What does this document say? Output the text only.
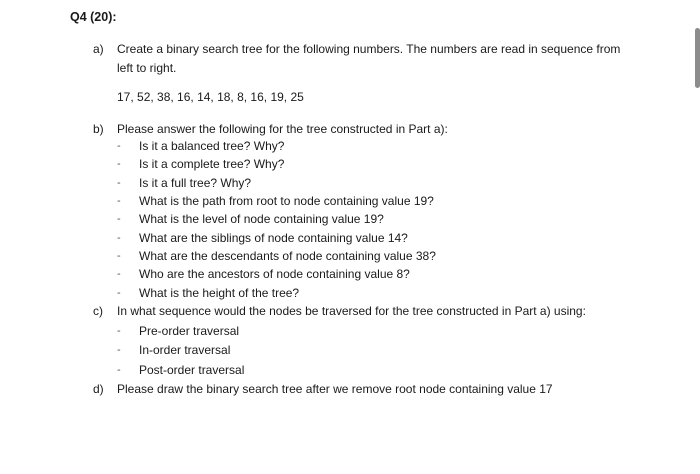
Q4 (20):
a) Create a binary search tree for the following numbers. The numbers are read in sequence from
left to right.
17, 52, 38, 16, 14, 18, 8, 16, 19, 25
b) Please answer the following for the tree constructed in Part a):
- Is it a balanced tree? Why?
- Is it a complete tree? Why?
- Is it a full tree? Why?
- What is the path from root to node containing value 19?
- What is the level of node containing value 19?
- What are the siblings of node containing value 14?
- What are the descendants of node containing value 38?
- Who are the ancestors of node containing value 8?
- What is the height of the tree?
c) In what sequence would the nodes be traversed for the tree constructed in Part a) using:
- Pre-order traversal
- In-order traversal
- Post-order traversal
d) Please draw the binary search tree after we remove root node containing value 17
